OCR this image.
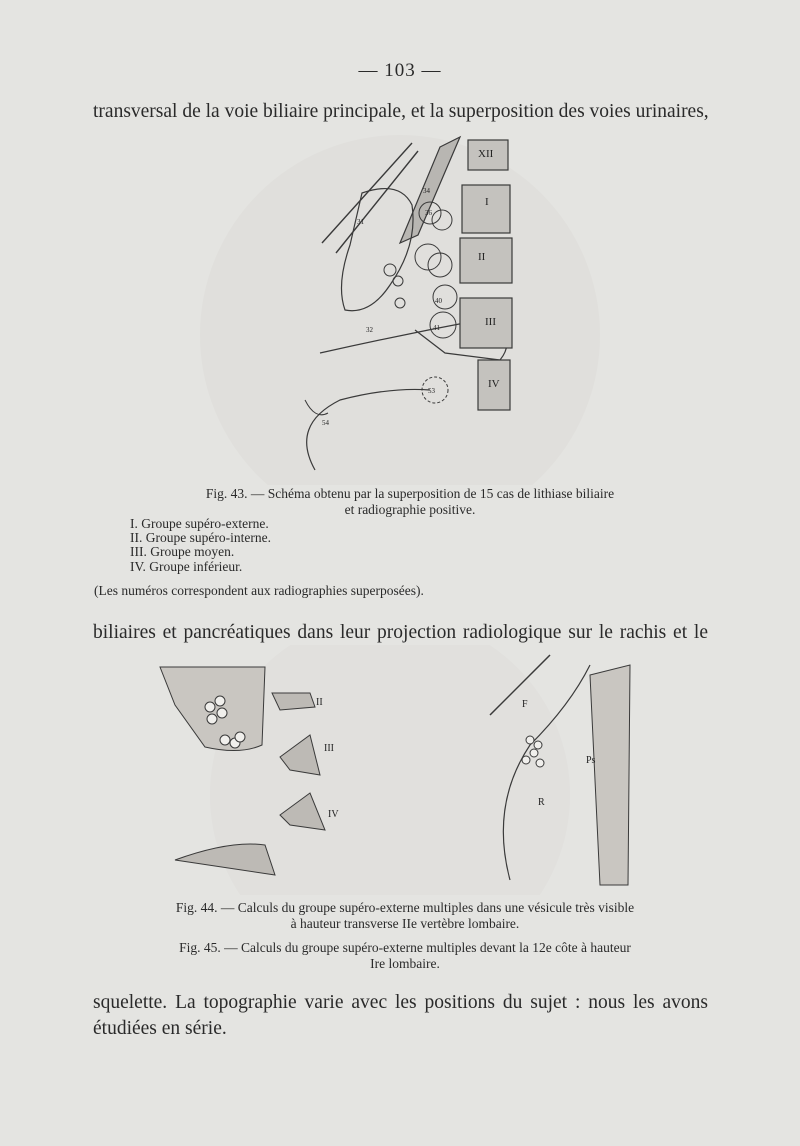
— 103 —
transversal de la voie biliaire principale, et la superposition des voies urinaires,
XII
I
II
III
IV
31
32
34
36
40
41
53
54
Fig. 43. — Schéma obtenu par la superposition de 15 cas de lithiase biliaire
et radiographie positive.
I. Groupe supéro-externe.
II. Groupe supéro-interne.
III. Groupe moyen.
IV. Groupe inférieur.
(Les numéros correspondent aux radiographies superposées).
biliaires et pancréatiques dans leur projection radiologique sur le rachis et le
II
III
IV
F
R
Ps
Fig. 44. — Calculs du groupe supéro-externe multiples dans une vésicule très visible
à hauteur transverse IIe vertèbre lombaire.
Fig. 45. — Calculs du groupe supéro-externe multiples devant la 12e côte à hauteur
Ire lombaire.
squelette. La topographie varie avec les positions du sujet : nous les avons
étudiées en série.
